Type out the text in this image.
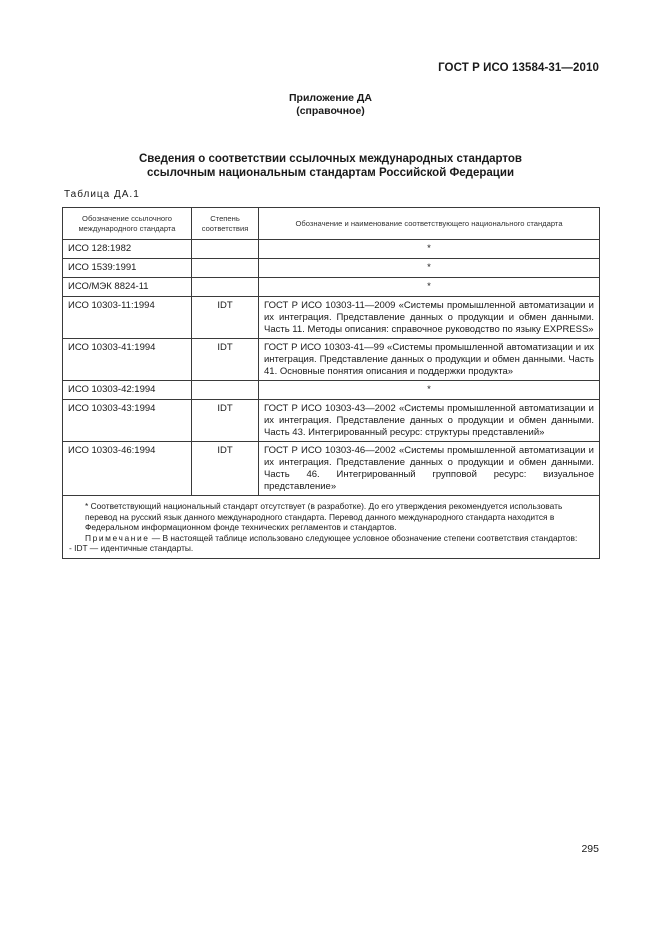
ГОСТ Р ИСО 13584-31—2010
Приложение ДА
(справочное)
Сведения о соответствии ссылочных международных стандартов
ссылочным национальным стандартам Российской Федерации
Таблица ДА.1
Обозначение ссылочного международного стандарта	Степень соответствия	Обозначение и наименование соответствующего национального стандарта
ИСО 128:1982		*
ИСО 1539:1991		*
ИСО/МЭК 8824-11		*
ИСО 10303-11:1994	IDT	ГОСТ Р ИСО 10303-11—2009 «Системы промышленной автоматизации и их интеграция. Представление данных о продукции и обмен данными. Часть 11. Методы описания: справочное руководство по языку EXPRESS»
ИСО 10303-41:1994	IDT	ГОСТ Р ИСО 10303-41—99 «Системы промышленной автоматизации и их интеграция. Представление данных о продукции и обмен данными. Часть 41. Основные понятия описания и поддержки продукта»
ИСО 10303-42:1994		*
ИСО 10303-43:1994	IDT	ГОСТ Р ИСО 10303-43—2002 «Системы промышленной автоматизации и их интеграция. Представление данных о продукции и обмен данными. Часть 43. Интегрированный ресурс: структуры представлений»
ИСО 10303-46:1994	IDT	ГОСТ Р ИСО 10303-46—2002 «Системы промышленной автоматизации и их интеграция. Представление данных о продукции и обмен данными. Часть 46. Интегрированный групповой ресурс: визуальное представление»

* Соответствующий национальный стандарт отсутствует (в разработке). До его утверждения рекомендуется использовать перевод на русский язык данного международного стандарта. Перевод данного международного стандарта находится в Федеральном информационном фонде технических регламентов и стандартов.
Примечание — В настоящей таблице использовано следующее условное обозначение степени соответствия стандартов:
- IDT — идентичные стандарты.		
295
